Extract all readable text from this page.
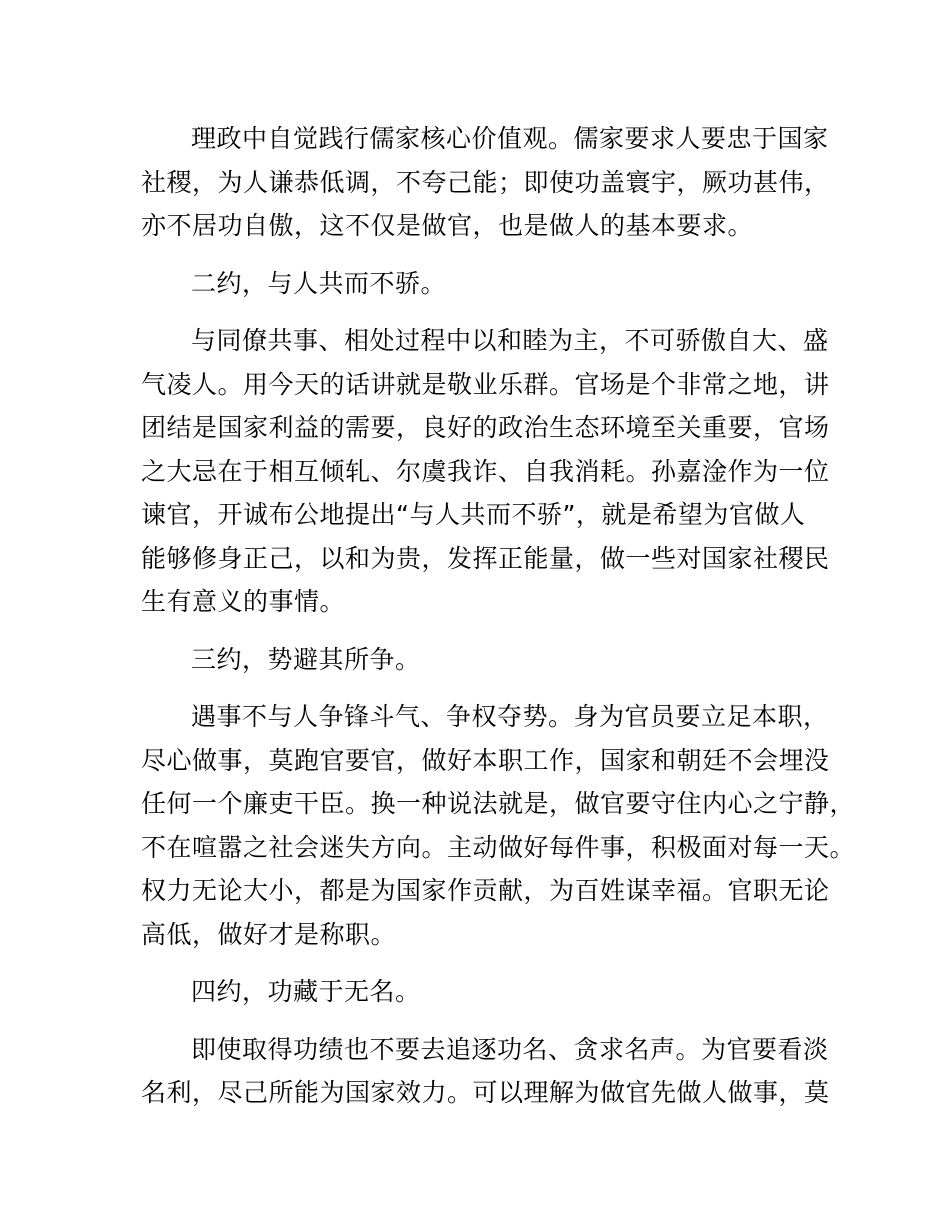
理政中自觉践行儒家核心价值观。儒家要求人要忠于国家
社稷，为人谦恭低调，不夸己能；即使功盖寰宇，厥功甚伟，
亦不居功自傲，这不仅是做官，也是做人的基本要求。

二约，与人共而不骄。

与同僚共事、相处过程中以和睦为主，不可骄傲自大、盛
气凌人。用今天的话讲就是敬业乐群。官场是个非常之地，讲
团结是国家利益的需要，良好的政治生态环境至关重要，官场
之大忌在于相互倾轧、尔虞我诈、自我消耗。孙嘉淦作为一位
谏官，开诚布公地提出“与人共而不骄”，就是希望为官做人
能够修身正己，以和为贵，发挥正能量，做一些对国家社稷民
生有意义的事情。

三约，势避其所争。

遇事不与人争锋斗气、争权夺势。身为官员要立足本职，
尽心做事，莫跑官要官，做好本职工作，国家和朝廷不会埋没
任何一个廉吏干臣。换一种说法就是，做官要守住内心之宁静，
不在喧嚣之社会迷失方向。主动做好每件事，积极面对每一天。
权力无论大小，都是为国家作贡献，为百姓谋幸福。官职无论
高低，做好才是称职。

四约，功藏于无名。

即使取得功绩也不要去追逐功名、贪求名声。为官要看淡
名利，尽己所能为国家效力。可以理解为做官先做人做事，莫
